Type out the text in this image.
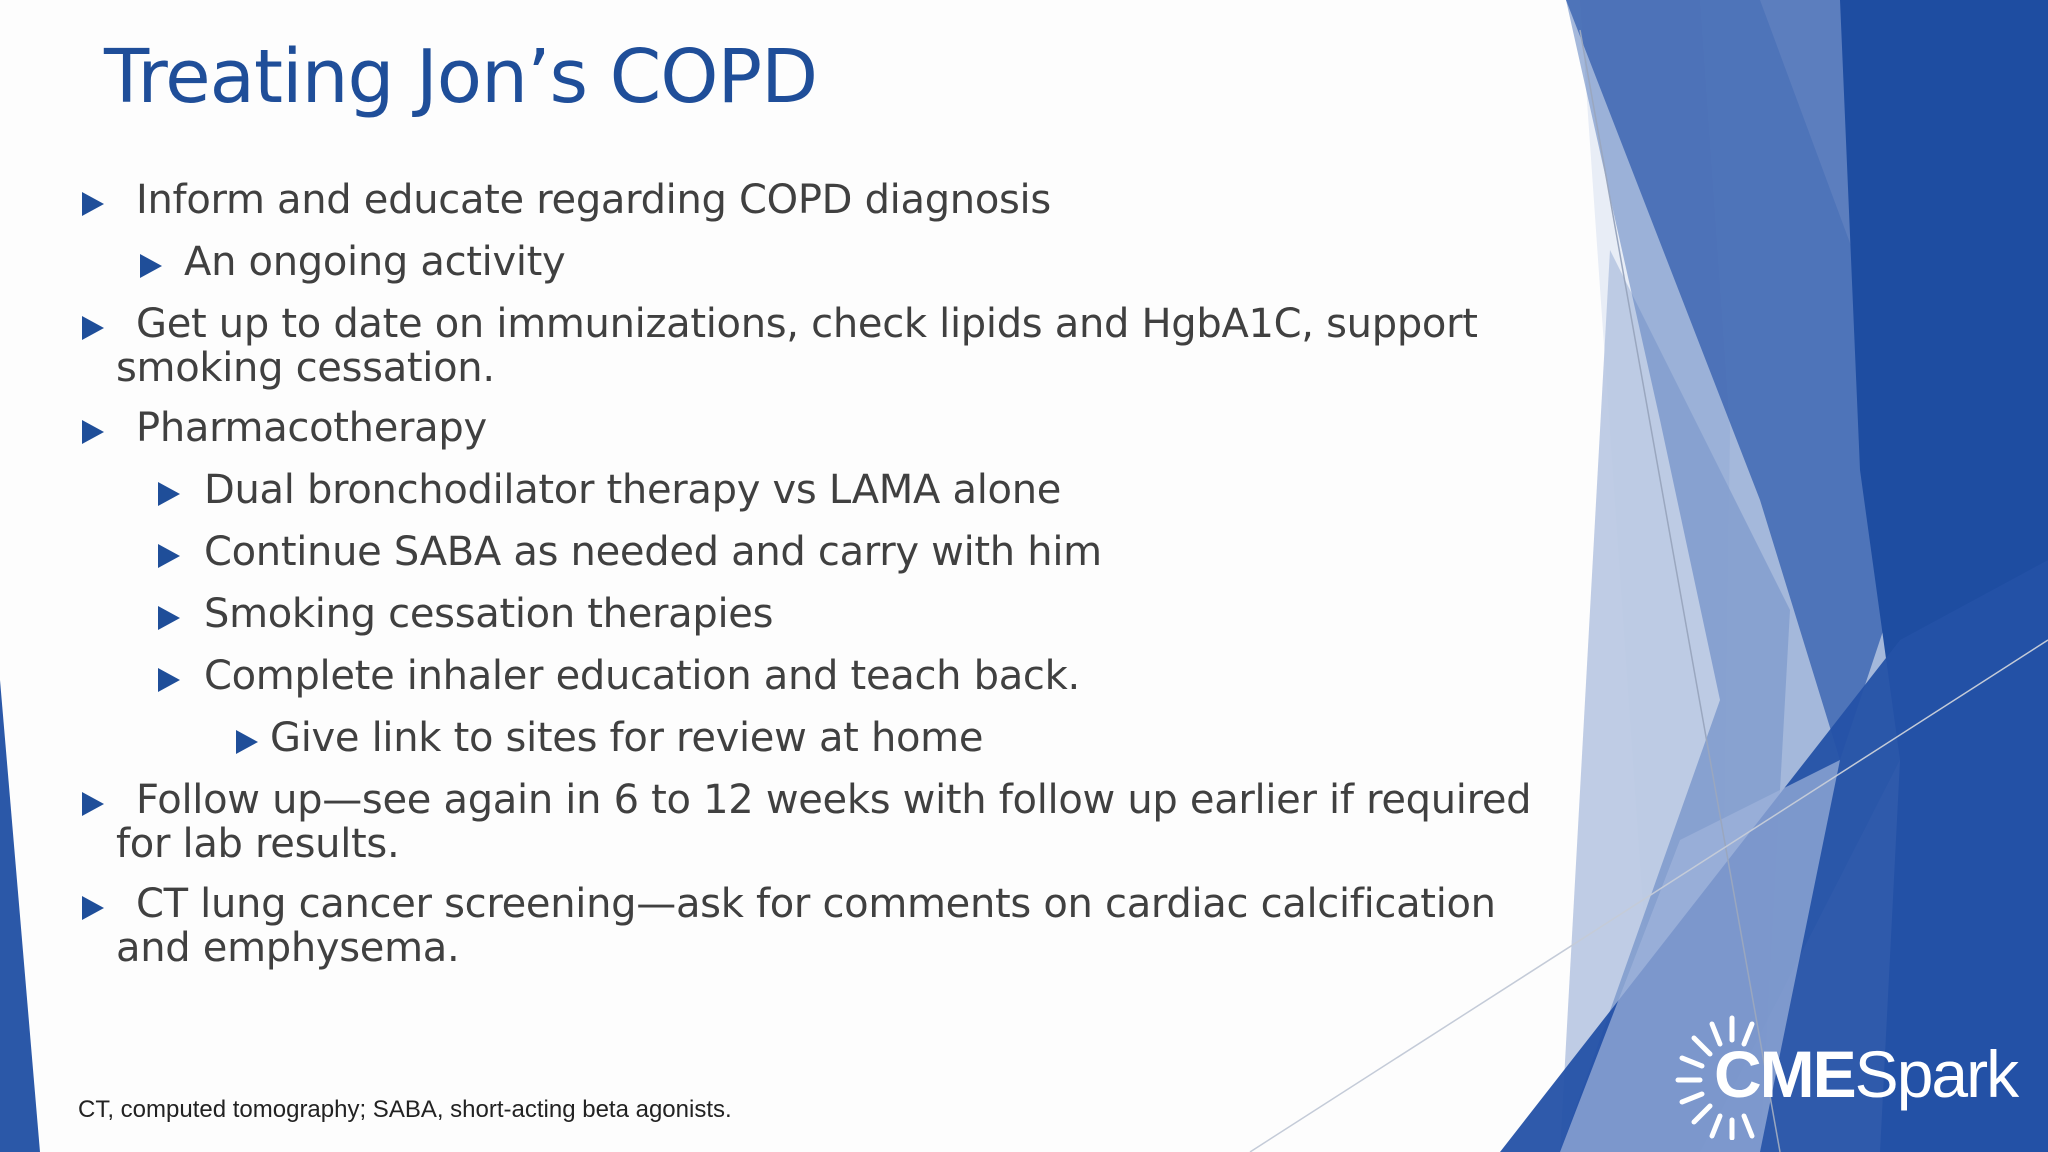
Treating Jon’s COPD
Inform and educate regarding COPD diagnosis
An ongoing activity
Get up to date on immunizations, check lipids and HgbA1C, support
smoking cessation.
Pharmacotherapy
Dual bronchodilator therapy vs LAMA alone
Continue SABA as needed and carry with him
Smoking cessation therapies
Complete inhaler education and teach back.
Give link to sites for review at home
Follow up—see again in 6 to 12 weeks with follow up earlier if required
for lab results.
CT lung cancer screening—ask for comments on cardiac calcification
and emphysema.
CT, computed tomography; SABA, short-acting beta agonists.	CMESpark
